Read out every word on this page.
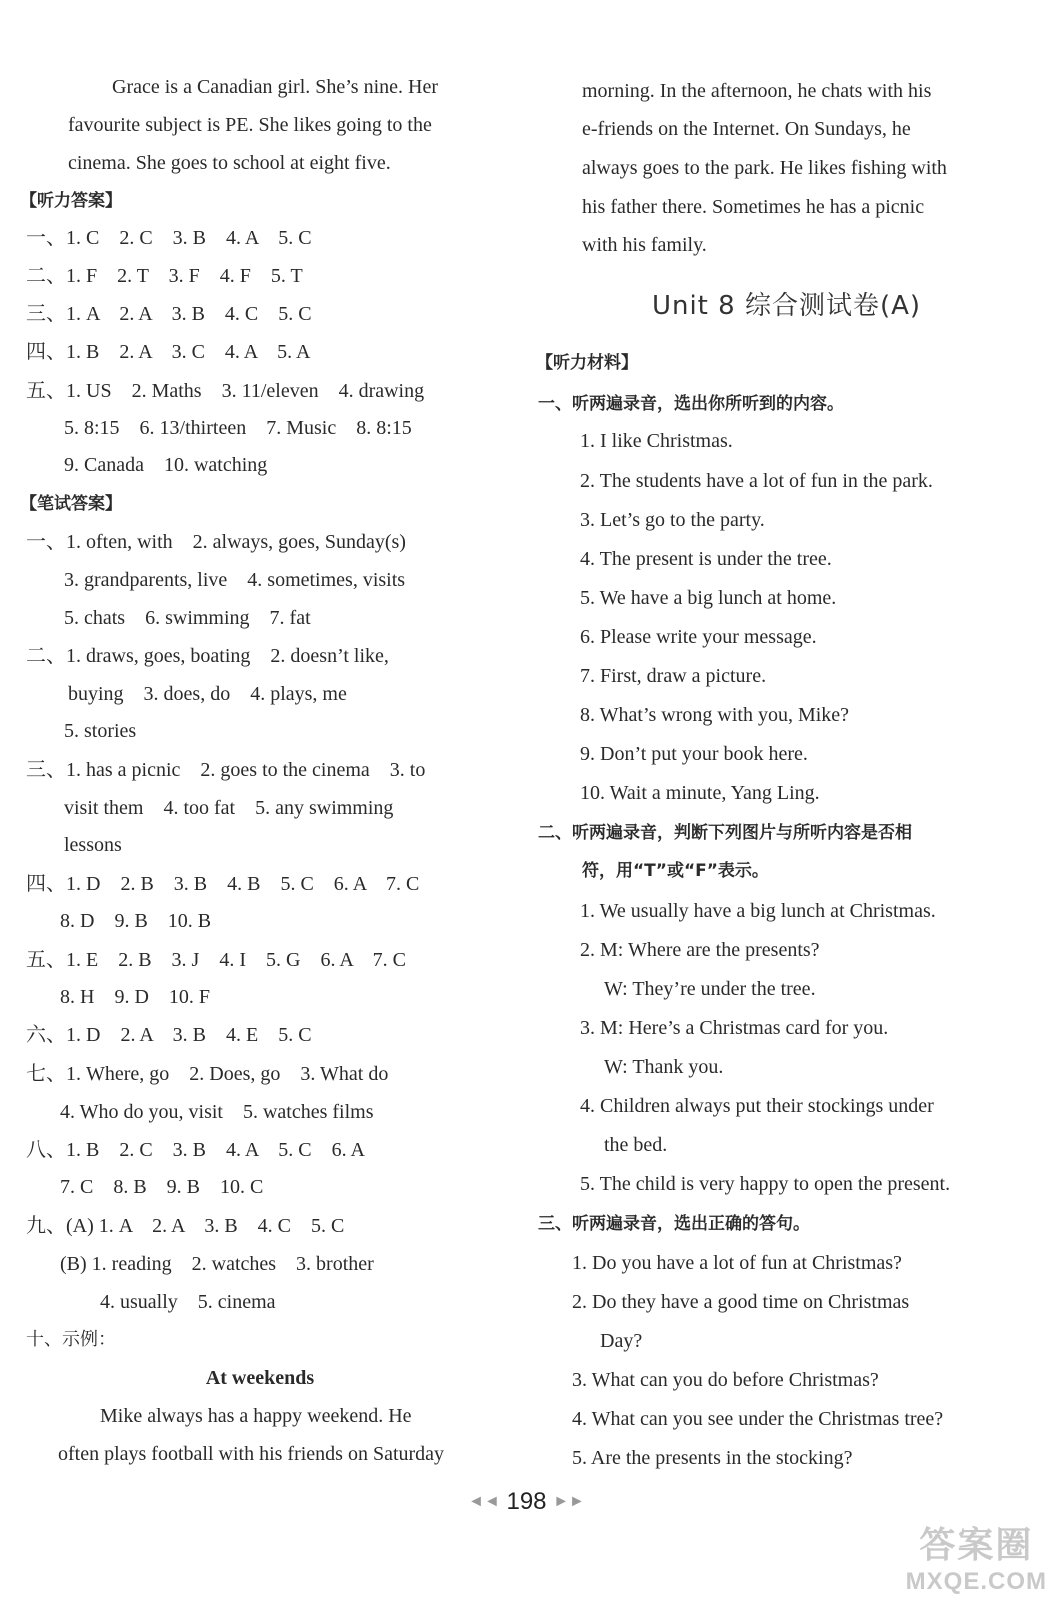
Grace is a Canadian girl. She’s nine. Her
favourite subject is PE. She likes going to the
cinema. She goes to school at eight five.
【听力答案】
一、1. C　2. C　3. B　4. A　5. C
二、1. F　2. T　3. F　4. F　5. T
三、1. A　2. A　3. B　4. C　5. C
四、1. B　2. A　3. C　4. A　5. A
五、1. US　2. Maths　3. 11/eleven　4. drawing
5. 8:15　6. 13/thirteen　7. Music　8. 8:15
9. Canada　10. watching
【笔试答案】
一、1. often, with　2. always, goes, Sunday(s)
3. grandparents, live　4. sometimes, visits
5. chats　6. swimming　7. fat
二、1. draws, goes, boating　2. doesn’t like,
buying　3. does, do　4. plays, me
5. stories
三、1. has a picnic　2. goes to the cinema　3. to
visit them　4. too fat　5. any swimming
lessons
四、1. D　2. B　3. B　4. B　5. C　6. A　7. C
8. D　9. B　10. B
五、1. E　2. B　3. J　4. I　5. G　6. A　7. C
8. H　9. D　10. F
六、1. D　2. A　3. B　4. E　5. C
七、1. Where, go　2. Does, go　3. What do
4. Who do you, visit　5. watches films
八、1. B　2. C　3. B　4. A　5. C　6. A
7. C　8. B　9. B　10. C
九、(A) 1. A　2. A　3. B　4. C　5. C
(B) 1. reading　2. watches　3. brother
4. usually　5. cinema
十、示例：
At weekends
Mike always has a happy weekend. He
often plays football with his friends on Saturday
morning. In the afternoon, he chats with his
e-friends on the Internet. On Sundays, he
always goes to the park. He likes fishing with
his father there. Sometimes he has a picnic
with his family.
Unit 8 综合测试卷(A)
【听力材料】
一、听两遍录音，选出你所听到的内容。
1. I like Christmas.
2. The students have a lot of fun in the park.
3. Let’s go to the party.
4. The present is under the tree.
5. We have a big lunch at home.
6. Please write your message.
7. First, draw a picture.
8. What’s wrong with you, Mike?
9. Don’t put your book here.
10. Wait a minute, Yang Ling.
二、听两遍录音，判断下列图片与所听内容是否相
符，用“T”或“F”表示。
1. We usually have a big lunch at Christmas.
2. M: Where are the presents?
W: They’re under the tree.
3. M: Here’s a Christmas card for you.
W: Thank you.
4. Children always put their stockings under
the bed.
5. The child is very happy to open the present.
三、听两遍录音，选出正确的答句。
1. Do you have a lot of fun at Christmas?
2. Do they have a good time on Christmas
Day?
3. What can you do before Christmas?
4. What can you see under the Christmas tree?
5. Are the presents in the stocking?
◄◄ 198 ►►
答案圈
MXQE.COM
